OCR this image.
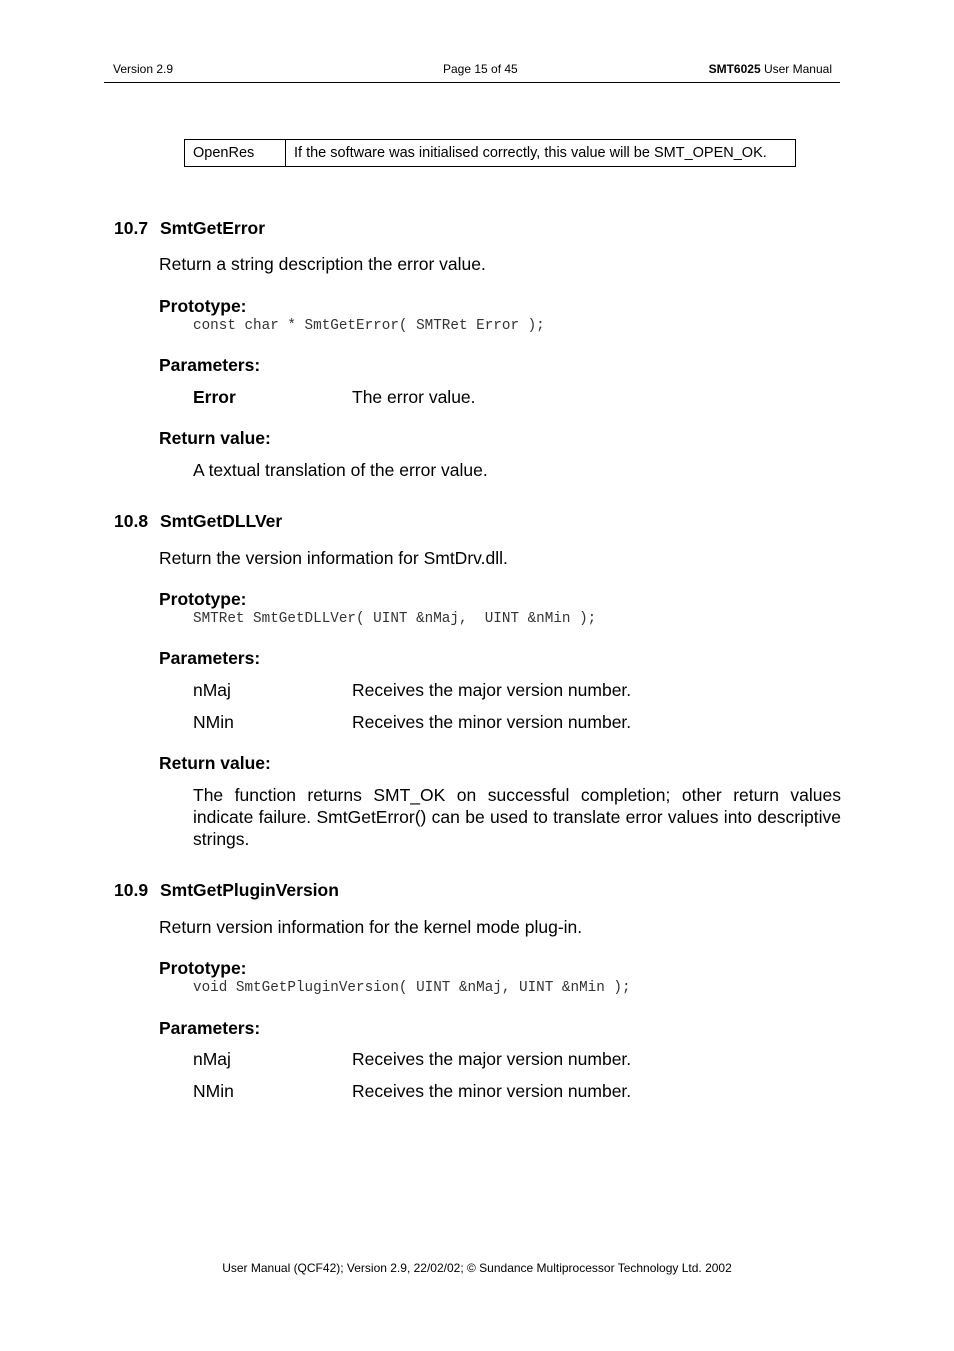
Version 2.9	Page 15 of 45	SMT6025 User Manual
OpenRes	If the software was initialised correctly, this value will be SMT_OPEN_OK.
10.7 SmtGetError
Return a string description the error value.
Prototype:
const char * SmtGetError( SMTRet Error );
Parameters:
Error	The error value.
Return value:
A textual translation of the error value.
10.8 SmtGetDLLVer
Return the version information for SmtDrv.dll.
Prototype:
SMTRet SmtGetDLLVer( UINT &nMaj,  UINT &nMin );
Parameters:
nMaj	Receives the major version number.
NMin	Receives the minor version number.
Return value:
The function returns SMT_OK on successful completion; other return values indicate failure. SmtGetError() can be used to translate error values into descriptive strings.
10.9 SmtGetPluginVersion
Return version information for the kernel mode plug-in.
Prototype:
void SmtGetPluginVersion( UINT &nMaj, UINT &nMin );
Parameters:
nMaj	Receives the major version number.
NMin	Receives the minor version number.
User Manual (QCF42); Version 2.9, 22/02/02; © Sundance Multiprocessor Technology Ltd. 2002
